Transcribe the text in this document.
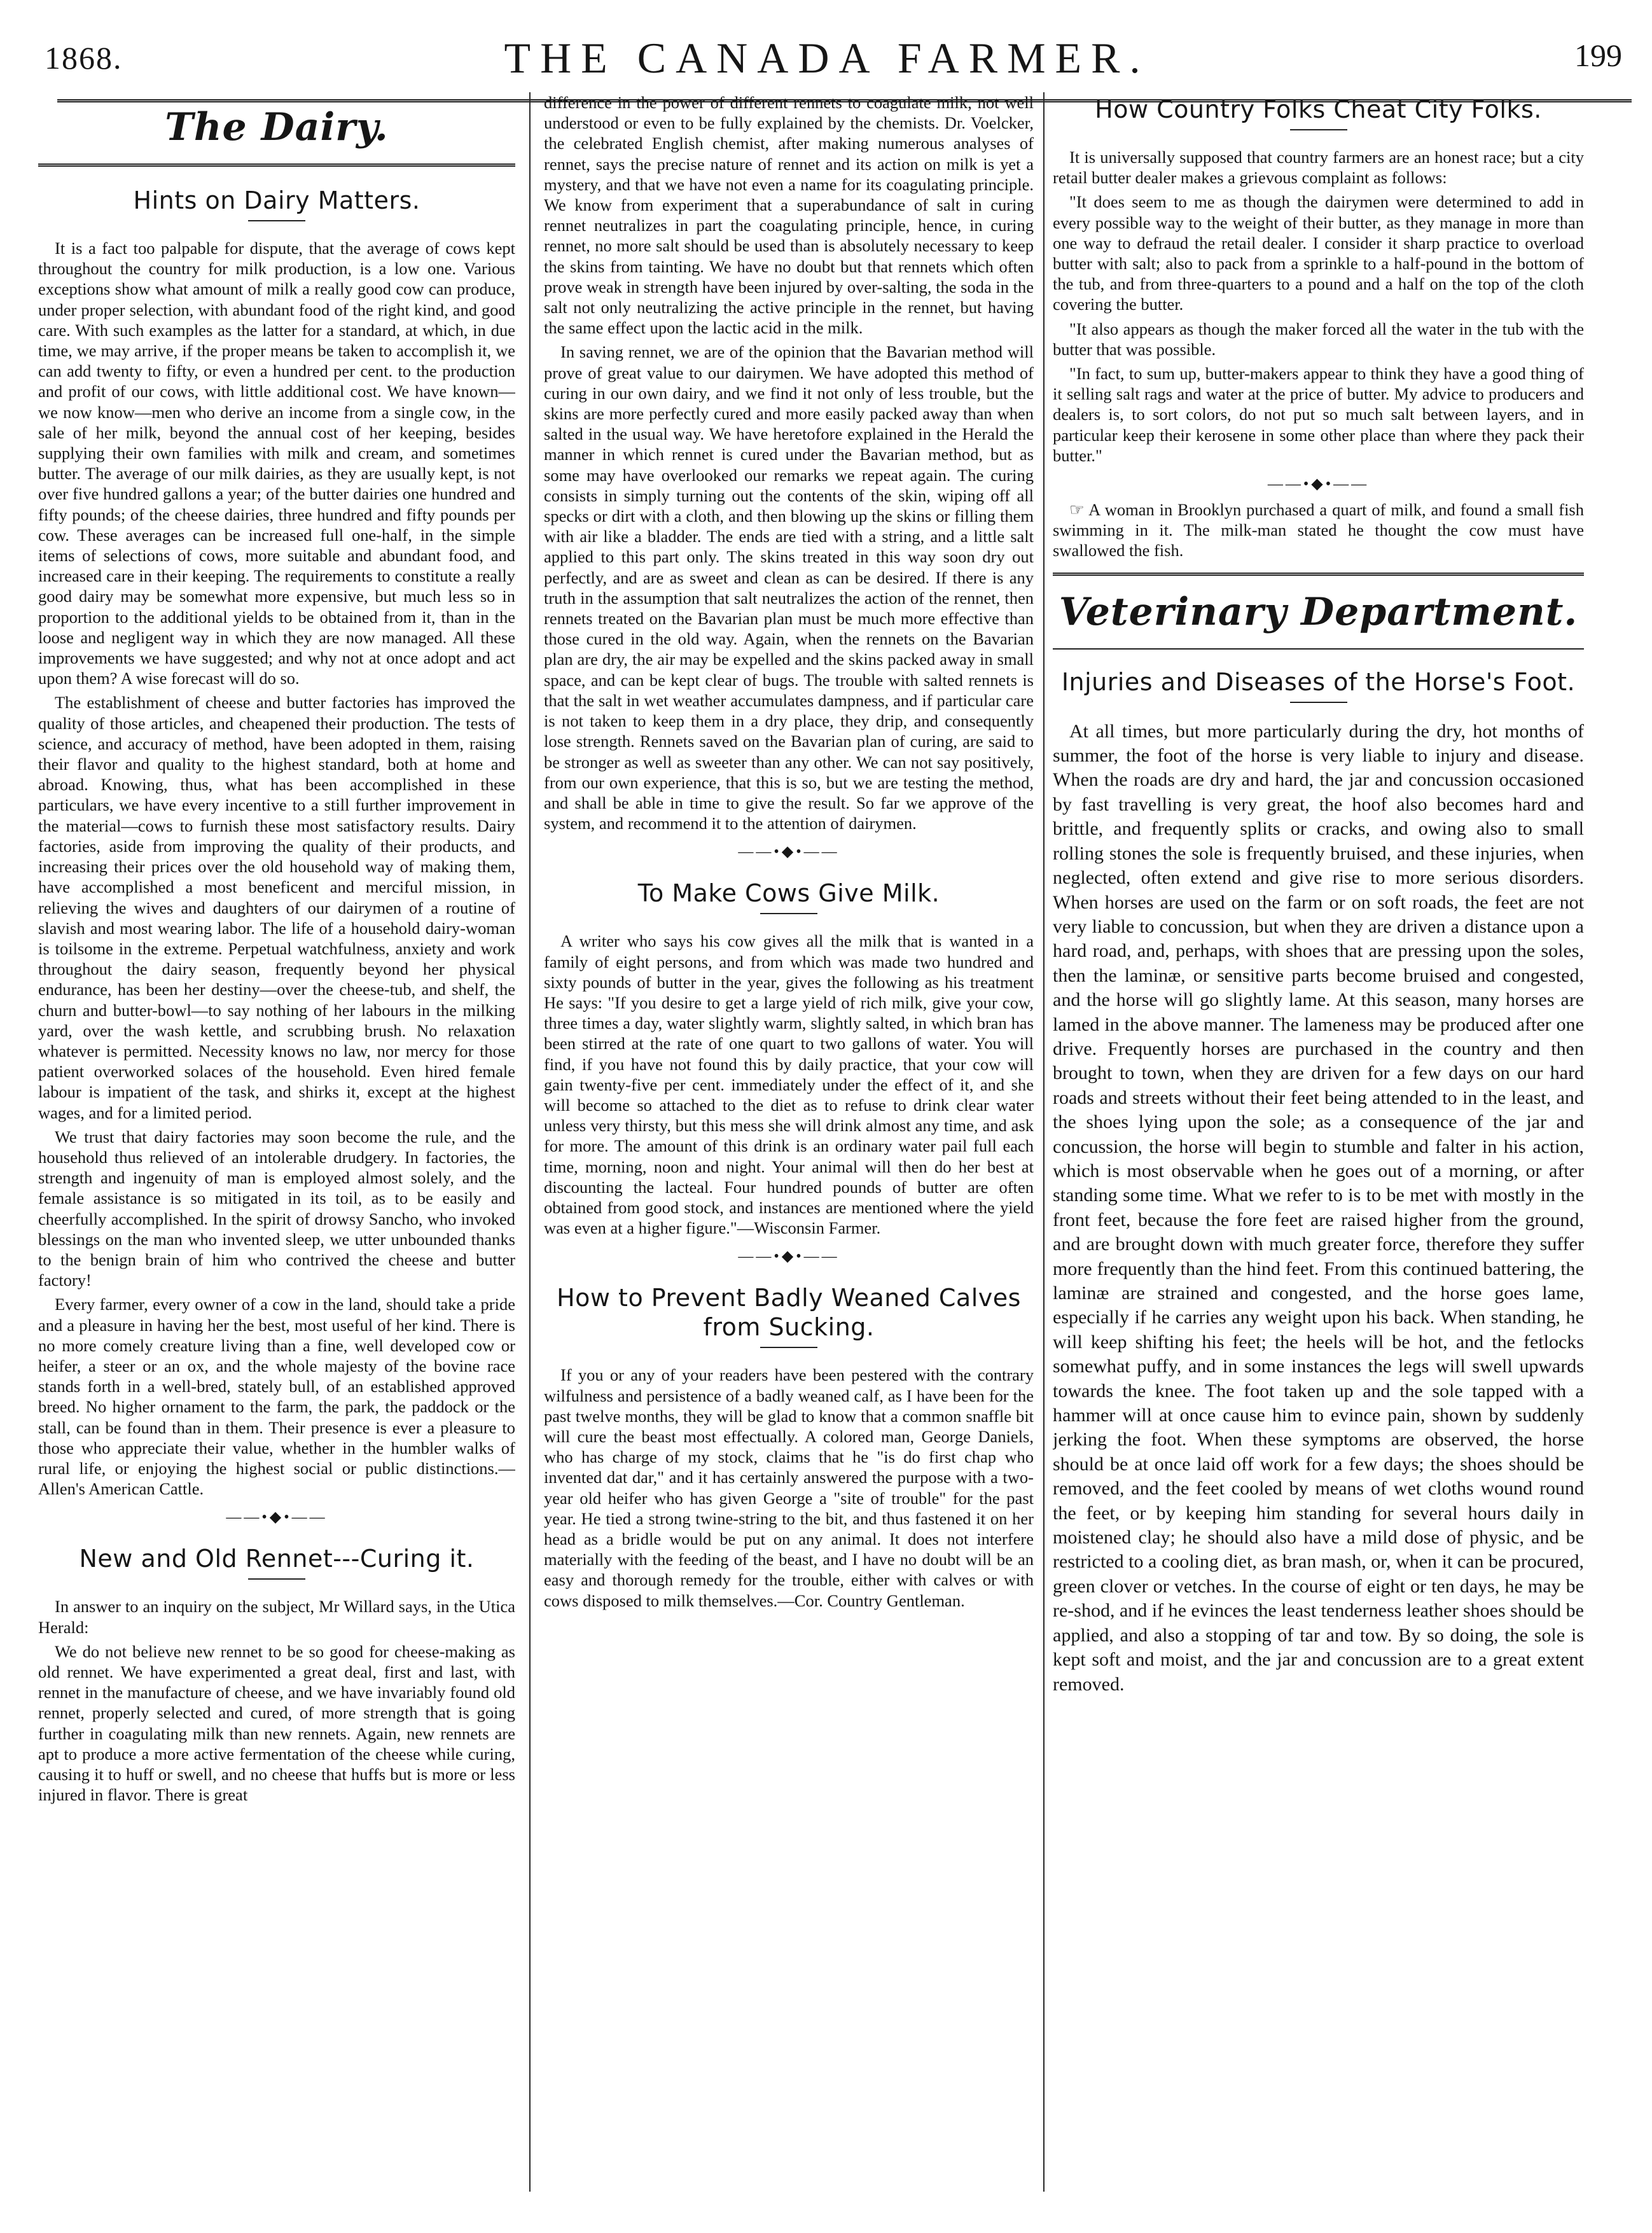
1868.	THE CANADA FARMER.	199
The Dairy.
Hints on Dairy Matters.

It is a fact too palpable for dispute, that the average of cows kept throughout the country for milk production, is a low one. Various exceptions show what amount of milk a really good cow can produce, under proper selection, with abundant food of the right kind, and good care. With such examples as the latter for a standard, at which, in due time, we may arrive, if the proper means be taken to accomplish it, we can add twenty to fifty, or even a hundred per cent. to the production and profit of our cows, with little additional cost. We have known—we now know—men who derive an income from a single cow, in the sale of her milk, beyond the annual cost of her keeping, besides supplying their own families with milk and cream, and sometimes butter. The average of our milk dairies, as they are usually kept, is not over five hundred gallons a year; of the butter dairies one hundred and fifty pounds; of the cheese dairies, three hundred and fifty pounds per cow. These averages can be increased full one-half, in the simple items of selections of cows, more suitable and abundant food, and increased care in their keeping. The requirements to constitute a really good dairy may be somewhat more expensive, but much less so in proportion to the additional yields to be obtained from it, than in the loose and negligent way in which they are now managed. All these improvements we have suggested; and why not at once adopt and act upon them? A wise forecast will do so.

The establishment of cheese and butter factories has improved the quality of those articles, and cheapened their production. The tests of science, and accuracy of method, have been adopted in them, raising their flavor and quality to the highest standard, both at home and abroad. Knowing, thus, what has been accomplished in these particulars, we have every incentive to a still further improvement in the material—cows to furnish these most satisfactory results. Dairy factories, aside from improving the quality of their products, and increasing their prices over the old household way of making them, have accomplished a most beneficent and merciful mission, in relieving the wives and daughters of our dairymen of a routine of slavish and most wearing labor. The life of a household dairy-woman is toilsome in the extreme. Perpetual watchfulness, anxiety and work throughout the dairy season, frequently beyond her physical endurance, has been her destiny—over the cheese-tub, and shelf, the churn and butter-bowl—to say nothing of her labours in the milking yard, over the wash kettle, and scrubbing brush. No relaxation whatever is permitted. Necessity knows no law, nor mercy for those patient overworked solaces of the household. Even hired female labour is impatient of the task, and shirks it, except at the highest wages, and for a limited period.

We trust that dairy factories may soon become the rule, and the household thus relieved of an intolerable drudgery. In factories, the strength and ingenuity of man is employed almost solely, and the female assistance is so mitigated in its toil, as to be easily and cheerfully accomplished. In the spirit of drowsy Sancho, who invoked blessings on the man who invented sleep, we utter unbounded thanks to the benign brain of him who contrived the cheese and butter factory!

Every farmer, every owner of a cow in the land, should take a pride and a pleasure in having her the best, most useful of her kind. There is no more comely creature living than a fine, well developed cow or heifer, a steer or an ox, and the whole majesty of the bovine race stands forth in a well-bred, stately bull, of an established approved breed. No higher ornament to the farm, the park, the paddock or the stall, can be found than in them. Their presence is ever a pleasure to those who appreciate their value, whether in the humbler walks of rural life, or enjoying the highest social or public distinctions.—Allen's American Cattle.

——•◆•——
New and Old Rennet---Curing it.

In answer to an inquiry on the subject, Mr Willard says, in the Utica Herald:

We do not believe new rennet to be so good for cheese-making as old rennet. We have experimented a great deal, first and last, with rennet in the manufacture of cheese, and we have invariably found old rennet, properly selected and cured, of more strength that is going further in coagulating milk than new rennets. Again, new rennets are apt to produce a more active fermentation of the cheese while curing, causing it to huff or swell, and no cheese that huffs but is more or less injured in flavor. There is great

difference in the power of different rennets to coagulate milk, not well understood or even to be fully explained by the chemists. Dr. Voelcker, the celebrated English chemist, after making numerous analyses of rennet, says the precise nature of rennet and its action on milk is yet a mystery, and that we have not even a name for its coagulating principle. We know from experiment that a superabundance of salt in curing rennet neutralizes in part the coagulating principle, hence, in curing rennet, no more salt should be used than is absolutely necessary to keep the skins from tainting. We have no doubt but that rennets which often prove weak in strength have been injured by over-salting, the soda in the salt not only neutralizing the active principle in the rennet, but having the same effect upon the lactic acid in the milk.

In saving rennet, we are of the opinion that the Bavarian method will prove of great value to our dairymen. We have adopted this method of curing in our own dairy, and we find it not only of less trouble, but the skins are more perfectly cured and more easily packed away than when salted in the usual way. We have heretofore explained in the Herald the manner in which rennet is cured under the Bavarian method, but as some may have overlooked our remarks we repeat again. The curing consists in simply turning out the contents of the skin, wiping off all specks or dirt with a cloth, and then blowing up the skins or filling them with air like a bladder. The ends are tied with a string, and a little salt applied to this part only. The skins treated in this way soon dry out perfectly, and are as sweet and clean as can be desired. If there is any truth in the assumption that salt neutralizes the action of the rennet, then rennets treated on the Bavarian plan must be much more effective than those cured in the old way. Again, when the rennets on the Bavarian plan are dry, the air may be expelled and the skins packed away in small space, and can be kept clear of bugs. The trouble with salted rennets is that the salt in wet weather accumulates dampness, and if particular care is not taken to keep them in a dry place, they drip, and consequently lose strength. Rennets saved on the Bavarian plan of curing, are said to be stronger as well as sweeter than any other. We can not say positively, from our own experience, that this is so, but we are testing the method, and shall be able in time to give the result. So far we approve of the system, and recommend it to the attention of dairymen.

——•◆•——
To Make Cows Give Milk.

A writer who says his cow gives all the milk that is wanted in a family of eight persons, and from which was made two hundred and sixty pounds of butter in the year, gives the following as his treatment He says: "If you desire to get a large yield of rich milk, give your cow, three times a day, water slightly warm, slightly salted, in which bran has been stirred at the rate of one quart to two gallons of water. You will find, if you have not found this by daily practice, that your cow will gain twenty-five per cent. immediately under the effect of it, and she will become so attached to the diet as to refuse to drink clear water unless very thirsty, but this mess she will drink almost any time, and ask for more. The amount of this drink is an ordinary water pail full each time, morning, noon and night. Your animal will then do her best at discounting the lacteal. Four hundred pounds of butter are often obtained from good stock, and instances are mentioned where the yield was even at a higher figure."—Wisconsin Farmer.

——•◆•——
How to Prevent Badly Weaned Calves from Sucking.

If you or any of your readers have been pestered with the contrary wilfulness and persistence of a badly weaned calf, as I have been for the past twelve months, they will be glad to know that a common snaffle bit will cure the beast most effectually. A colored man, George Daniels, who has charge of my stock, claims that he "is do first chap who invented dat dar," and it has certainly answered the purpose with a two-year old heifer who has given George a "site of trouble" for the past year. He tied a strong twine-string to the bit, and thus fastened it on her head as a bridle would be put on any animal. It does not interfere materially with the feeding of the beast, and I have no doubt will be an easy and thorough remedy for the trouble, either with calves or with cows disposed to milk themselves.—Cor. Country Gentleman.

How Country Folks Cheat City Folks.

It is universally supposed that country farmers are an honest race; but a city retail butter dealer makes a grievous complaint as follows:

"It does seem to me as though the dairymen were determined to add in every possible way to the weight of their butter, as they manage in more than one way to defraud the retail dealer. I consider it sharp practice to overload butter with salt; also to pack from a sprinkle to a half-pound in the bottom of the tub, and from three-quarters to a pound and a half on the top of the cloth covering the butter.

"It also appears as though the maker forced all the water in the tub with the butter that was possible.

"In fact, to sum up, butter-makers appear to think they have a good thing of it selling salt rags and water at the price of butter. My advice to producers and dealers is, to sort colors, do not put so much salt between layers, and in particular keep their kerosene in some other place than where they pack their butter."

——•◆•——

☞ A woman in Brooklyn purchased a quart of milk, and found a small fish swimming in it. The milk-man stated he thought the cow must have swallowed the fish.

Veterinary Department.
Injuries and Diseases of the Horse's Foot.

At all times, but more particularly during the dry, hot months of summer, the foot of the horse is very liable to injury and disease. When the roads are dry and hard, the jar and concussion occasioned by fast travelling is very great, the hoof also becomes hard and brittle, and frequently splits or cracks, and owing also to small rolling stones the sole is frequently bruised, and these injuries, when neglected, often extend and give rise to more serious disorders. When horses are used on the farm or on soft roads, the feet are not very liable to concussion, but when they are driven a distance upon a hard road, and, perhaps, with shoes that are pressing upon the soles, then the laminæ, or sensitive parts become bruised and congested, and the horse will go slightly lame. At this season, many horses are lamed in the above manner. The lameness may be produced after one drive. Frequently horses are purchased in the country and then brought to town, when they are driven for a few days on our hard roads and streets without their feet being attended to in the least, and the shoes lying upon the sole; as a consequence of the jar and concussion, the horse will begin to stumble and falter in his action, which is most observable when he goes out of a morning, or after standing some time. What we refer to is to be met with mostly in the front feet, because the fore feet are raised higher from the ground, and are brought down with much greater force, therefore they suffer more frequently than the hind feet. From this continued battering, the laminæ are strained and congested, and the horse goes lame, especially if he carries any weight upon his back. When standing, he will keep shifting his feet; the heels will be hot, and the fetlocks somewhat puffy, and in some instances the legs will swell upwards towards the knee. The foot taken up and the sole tapped with a hammer will at once cause him to evince pain, shown by suddenly jerking the foot. When these symptoms are observed, the horse should be at once laid off work for a few days; the shoes should be removed, and the feet cooled by means of wet cloths wound round the feet, or by keeping him standing for several hours daily in moistened clay; he should also have a mild dose of physic, and be restricted to a cooling diet, as bran mash, or, when it can be procured, green clover or vetches. In the course of eight or ten days, he may be re-shod, and if he evinces the least tenderness leather shoes should be applied, and also a stopping of tar and tow. By so doing, the sole is kept soft and moist, and the jar and concussion are to a great extent removed.
